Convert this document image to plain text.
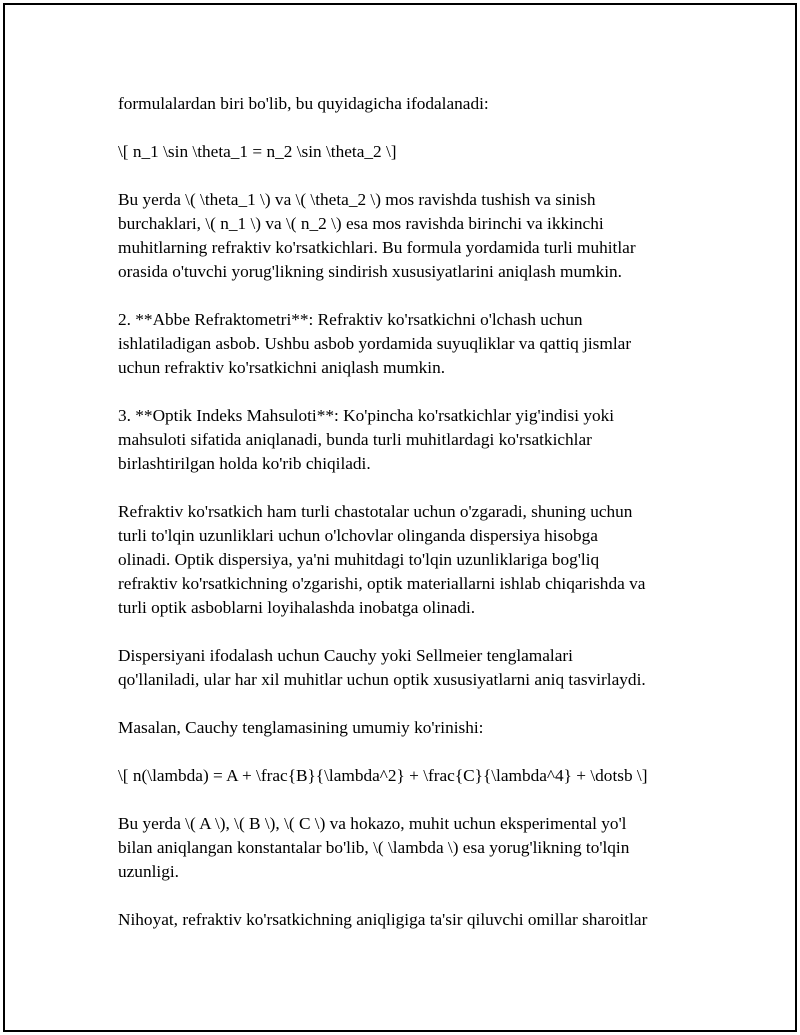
formulalardan biri bo'lib, bu quyidagicha ifodalanadi:

\[ n_1 \sin \theta_1 = n_2 \sin \theta_2 \]

Bu yerda \( \theta_1 \) va \( \theta_2 \) mos ravishda tushish va sinish
burchaklari, \( n_1 \) va \( n_2 \) esa mos ravishda birinchi va ikkinchi
muhitlarning refraktiv ko'rsatkichlari. Bu formula yordamida turli muhitlar
orasida o'tuvchi yorug'likning sindirish xususiyatlarini aniqlash mumkin.

2. **Abbe Refraktometri**: Refraktiv ko'rsatkichni o'lchash uchun
ishlatiladigan asbob. Ushbu asbob yordamida suyuqliklar va qattiq jismlar
uchun refraktiv ko'rsatkichni aniqlash mumkin.

3. **Optik Indeks Mahsuloti**: Ko'pincha ko'rsatkichlar yig'indisi yoki
mahsuloti sifatida aniqlanadi, bunda turli muhitlardagi ko'rsatkichlar
birlashtirilgan holda ko'rib chiqiladi.

Refraktiv ko'rsatkich ham turli chastotalar uchun o'zgaradi, shuning uchun
turli to'lqin uzunliklari uchun o'lchovlar olinganda dispersiya hisobga
olinadi. Optik dispersiya, ya'ni muhitdagi to'lqin uzunliklariga bog'liq
refraktiv ko'rsatkichning o'zgarishi, optik materiallarni ishlab chiqarishda va
turli optik asboblarni loyihalashda inobatga olinadi.

Dispersiyani ifodalash uchun Cauchy yoki Sellmeier tenglamalari
qo'llaniladi, ular har xil muhitlar uchun optik xususiyatlarni aniq tasvirlaydi.

Masalan, Cauchy tenglamasining umumiy ko'rinishi:

\[ n(\lambda) = A + \frac{B}{\lambda^2} + \frac{C}{\lambda^4} + \dotsb \]

Bu yerda \( A \), \( B \), \( C \) va hokazo, muhit uchun eksperimental yo'l
bilan aniqlangan konstantalar bo'lib, \( \lambda \) esa yorug'likning to'lqin
uzunligi.

Nihoyat, refraktiv ko'rsatkichning aniqligiga ta'sir qiluvchi omillar sharoitlar
